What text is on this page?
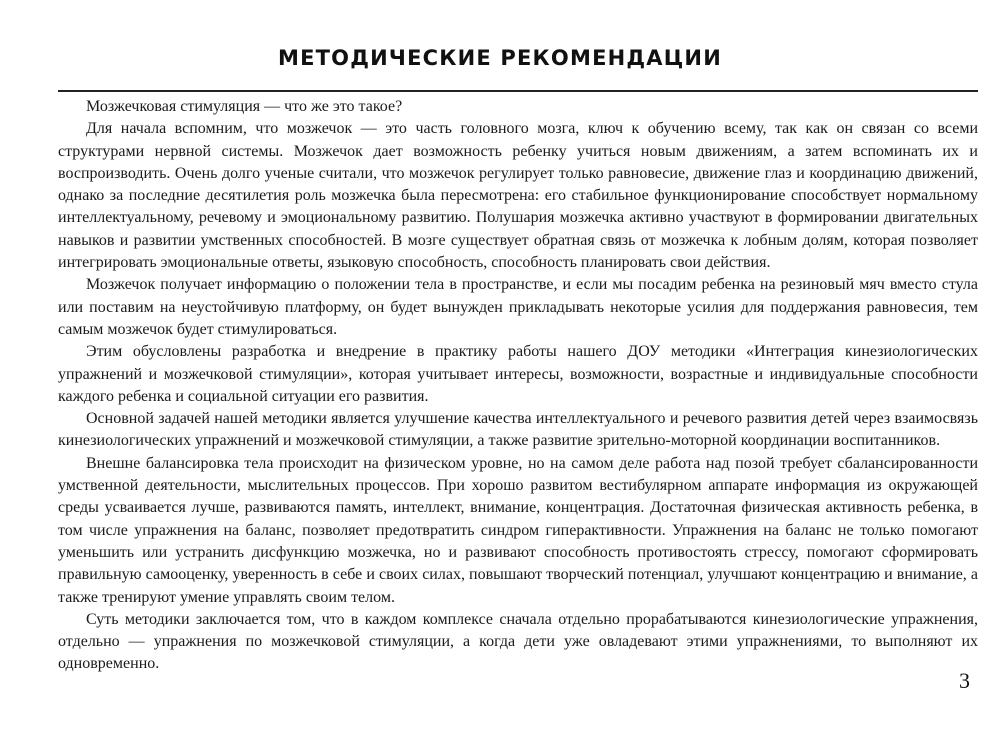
МЕТОДИЧЕСКИЕ РЕКОМЕНДАЦИИ

Мозжечковая стимуляция — что же это такое?

Для начала вспомним, что мозжечок — это часть головного мозга, ключ к обучению всему, так как он связан со всеми структурами нервной системы. Мозжечок дает возможность ребенку учиться новым движениям, а затем вспоминать их и воспроизводить. Очень долго ученые считали, что мозжечок регулирует только равновесие, движение глаз и координацию движений, однако за последние десятилетия роль мозжечка была пересмотрена: его стабильное функционирование способствует нормальному интеллектуальному, речевому и эмоциональному развитию. Полушария мозжечка активно участвуют в формировании двигательных навыков и развитии умственных способностей. В мозге существует обратная связь от мозжечка к лобным долям, которая позволяет интегрировать эмоциональные ответы, языковую способность, способность планировать свои действия.

Мозжечок получает информацию о положении тела в пространстве, и если мы посадим ребенка на резиновый мяч вместо стула или поставим на неустойчивую платформу, он будет вынужден прикладывать некоторые усилия для поддержания равновесия, тем самым мозжечок будет стимулироваться.

Этим обусловлены разработка и внедрение в практику работы нашего ДОУ методики «Интеграция кинезиологических упражнений и мозжечковой стимуляции», которая учитывает интересы, возможности, возрастные и индивидуальные способности каждого ребенка и социальной ситуации его развития.

Основной задачей нашей методики является улучшение качества интеллектуального и речевого развития детей через взаимосвязь кинезиологических упражнений и мозжечковой стимуляции, а также развитие зрительно-моторной координации воспитанников.

Внешне балансировка тела происходит на физическом уровне, но на самом деле работа над позой требует сбалансированности умственной деятельности, мыслительных процессов. При хорошо развитом вестибулярном аппарате информация из окружающей среды усваивается лучше, развиваются память, интеллект, внимание, концентрация. Достаточная физическая активность ребенка, в том числе упражнения на баланс, позволяет предотвратить синдром гиперактивности. Упражнения на баланс не только помогают уменьшить или устранить дисфункцию мозжечка, но и развивают способность противостоять стрессу, помогают сформировать правильную самооценку, уверенность в себе и своих силах, повышают творческий потенциал, улучшают концентрацию и внимание, а также тренируют умение управлять своим телом.

Суть методики заключается том, что в каждом комплексе сначала отдельно прорабатываются кинезиологические упражнения, отдельно — упражнения по мозжечковой стимуляции, а когда дети уже овладевают этими упражнениями, то выполняют их одновременно.

3
